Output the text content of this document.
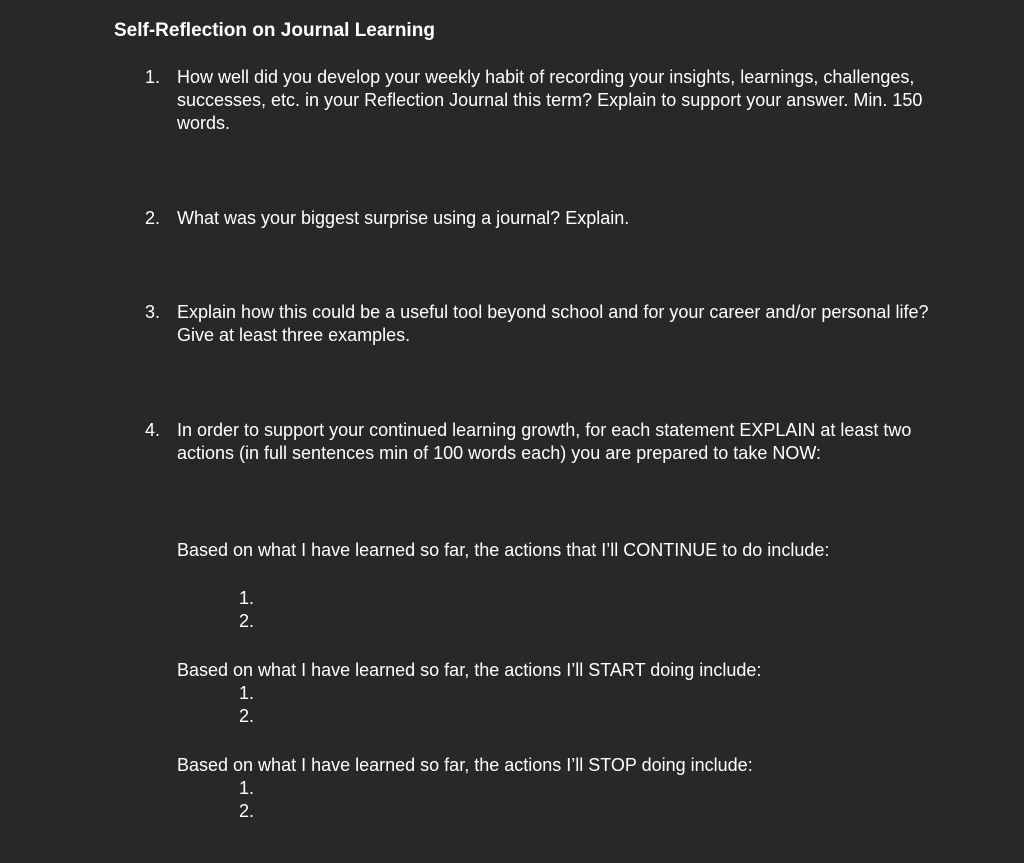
Self-Reflection on Journal Learning
1. How well did you develop your weekly habit of recording your insights, learnings, challenges, successes, etc. in your Reflection Journal this term? Explain to support your answer. Min. 150 words.
2. What was your biggest surprise using a journal? Explain.
3. Explain how this could be a useful tool beyond school and for your career and/or personal life? Give at least three examples.
4. In order to support your continued learning growth, for each statement EXPLAIN at least two actions (in full sentences min of 100 words each) you are prepared to take NOW:
Based on what I have learned so far, the actions that I’ll CONTINUE to do include:
1.
2.
Based on what I have learned so far, the actions I’ll START doing include:
1.
2.
Based on what I have learned so far, the actions I’ll STOP doing include:
1.
2.
